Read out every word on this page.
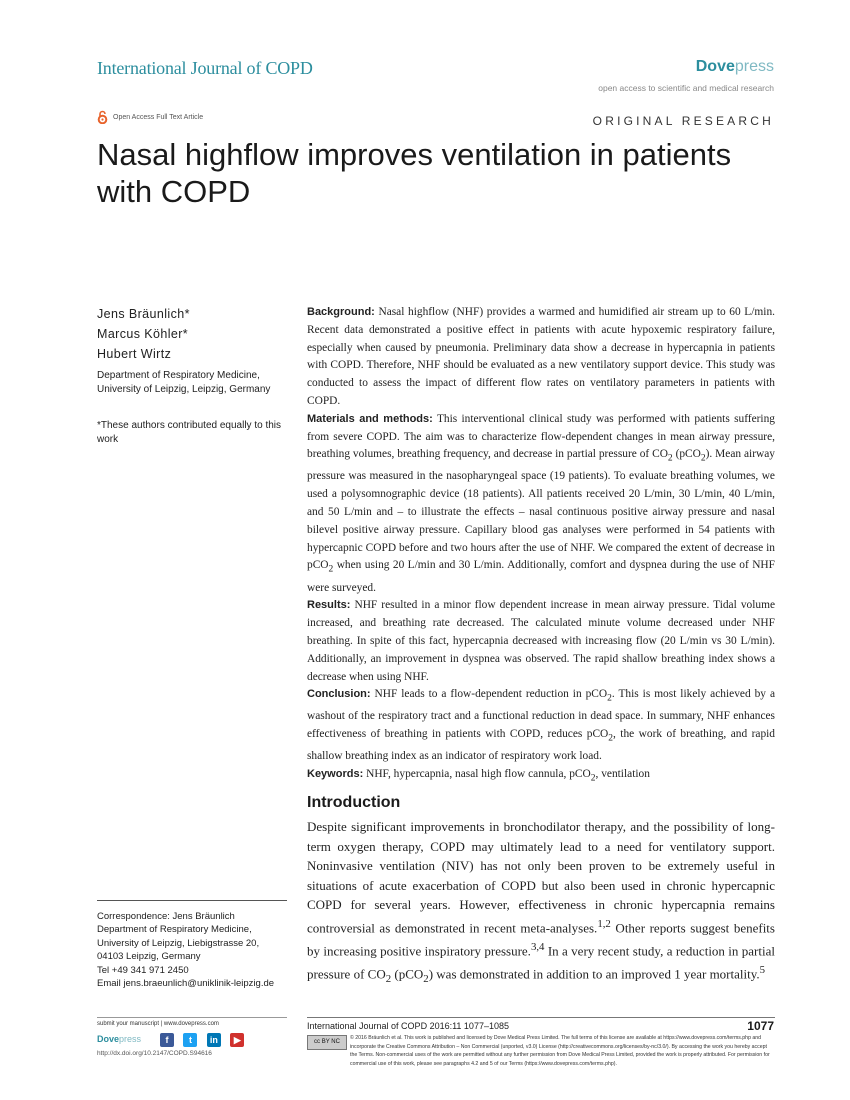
International Journal of COPD	Dovepress
open access to scientific and medical research
Open Access Full Text Article	ORIGINAL RESEARCH
Nasal highflow improves ventilation in patients
with COPD
Jens Bräunlich*
Marcus Köhler*
Hubert Wirtz
Department of Respiratory Medicine, University of Leipzig, Leipzig, Germany
*These authors contributed equally to this work

Background: Nasal highflow (NHF) provides a warmed and humidified air stream up to 60 L/min. Recent data demonstrated a positive effect in patients with acute hypoxemic respiratory failure, especially when caused by pneumonia. Preliminary data show a decrease in hypercapnia in patients with COPD. Therefore, NHF should be evaluated as a new ventilatory support device. This study was conducted to assess the impact of different flow rates on ventilatory parameters in patients with COPD.

Materials and methods: This interventional clinical study was performed with patients suffering from severe COPD. The aim was to characterize flow-dependent changes in mean airway pressure, breathing volumes, breathing frequency, and decrease in partial pressure of $CO_2$ (pCO$_2$). Mean airway pressure was measured in the nasopharyngeal space (19 patients). To evaluate breathing volumes, we used a polysomnographic device (18 patients). All patients received 20 L/min, 30 L/min, 40 L/min, and 50 L/min and – to illustrate the effects – nasal continuous positive airway pressure and nasal bilevel positive airway pressure. Capillary blood gas analyses were performed in 54 patients with hypercapnic COPD before and two hours after the use of NHF. We compared the extent of decrease in pCO$_2$ when using 20 L/min and 30 L/min. Additionally, comfort and dyspnea during the use of NHF were surveyed.

Results: NHF resulted in a minor flow dependent increase in mean airway pressure. Tidal volume increased, and breathing rate decreased. The calculated minute volume decreased under NHF breathing. In spite of this fact, hypercapnia decreased with increasing flow (20 L/min vs 30 L/min). Additionally, an improvement in dyspnea was observed. The rapid shallow breathing index shows a decrease when using NHF.

Conclusion: NHF leads to a flow-dependent reduction in pCO$_2$. This is most likely achieved by a washout of the respiratory tract and a functional reduction in dead space. In summary, NHF enhances effectiveness of breathing in patients with COPD, reduces pCO$_2$, the work of breathing, and rapid shallow breathing index as an indicator of respiratory work load.

Keywords: NHF, hypercapnia, nasal high flow cannula, pCO$_2$, ventilation

Introduction

Despite significant improvements in bronchodilator therapy, and the possibility of long-term oxygen therapy, COPD may ultimately lead to a need for ventilatory support. Noninvasive ventilation (NIV) has not only been proven to be extremely useful in situations of acute exacerbation of COPD but also been used in chronic hypercapnic COPD for several years. However, effectiveness in chronic hypercapnia remains controversial as demonstrated in recent meta-analyses.$^{1,2}$ Other reports suggest benefits by increasing positive inspiratory pressure.$^{3,4}$ In a very recent study, a reduction in partial pressure of $CO_2$ (pCO$_2$) was demonstrated in addition to an improved 1 year mortality.$^5$

Correspondence: Jens Bräunlich
Department of Respiratory Medicine,
University of Leipzig, Liebigstrasse 20,
04103 Leipzig, Germany
Tel +49 341 971 2450
Email jens.braeunlich@uniklinik-leipzig.de
submit your manuscript | www.dovepress.com
Dovepress	f t in ▶
http://dx.doi.org/10.2147/COPD.S94616
International Journal of COPD 2016:11 1077–1085	1077
cc BY NC
© 2016 Bräunlich et al. This work is published and licensed by Dove Medical Press Limited. The full terms of this license are available at https://www.dovepress.com/terms.php and incorporate the Creative Commons Attribution – Non Commercial (unported, v3.0) License (http://creativecommons.org/licenses/by-nc/3.0/). By accessing the work you hereby accept the Terms. Non-commercial uses of the work are permitted without any further permission from Dove Medical Press Limited, provided the work is properly attributed. For permission for commercial use of this work, please see paragraphs 4.2 and 5 of our Terms (https://www.dovepress.com/terms.php).
